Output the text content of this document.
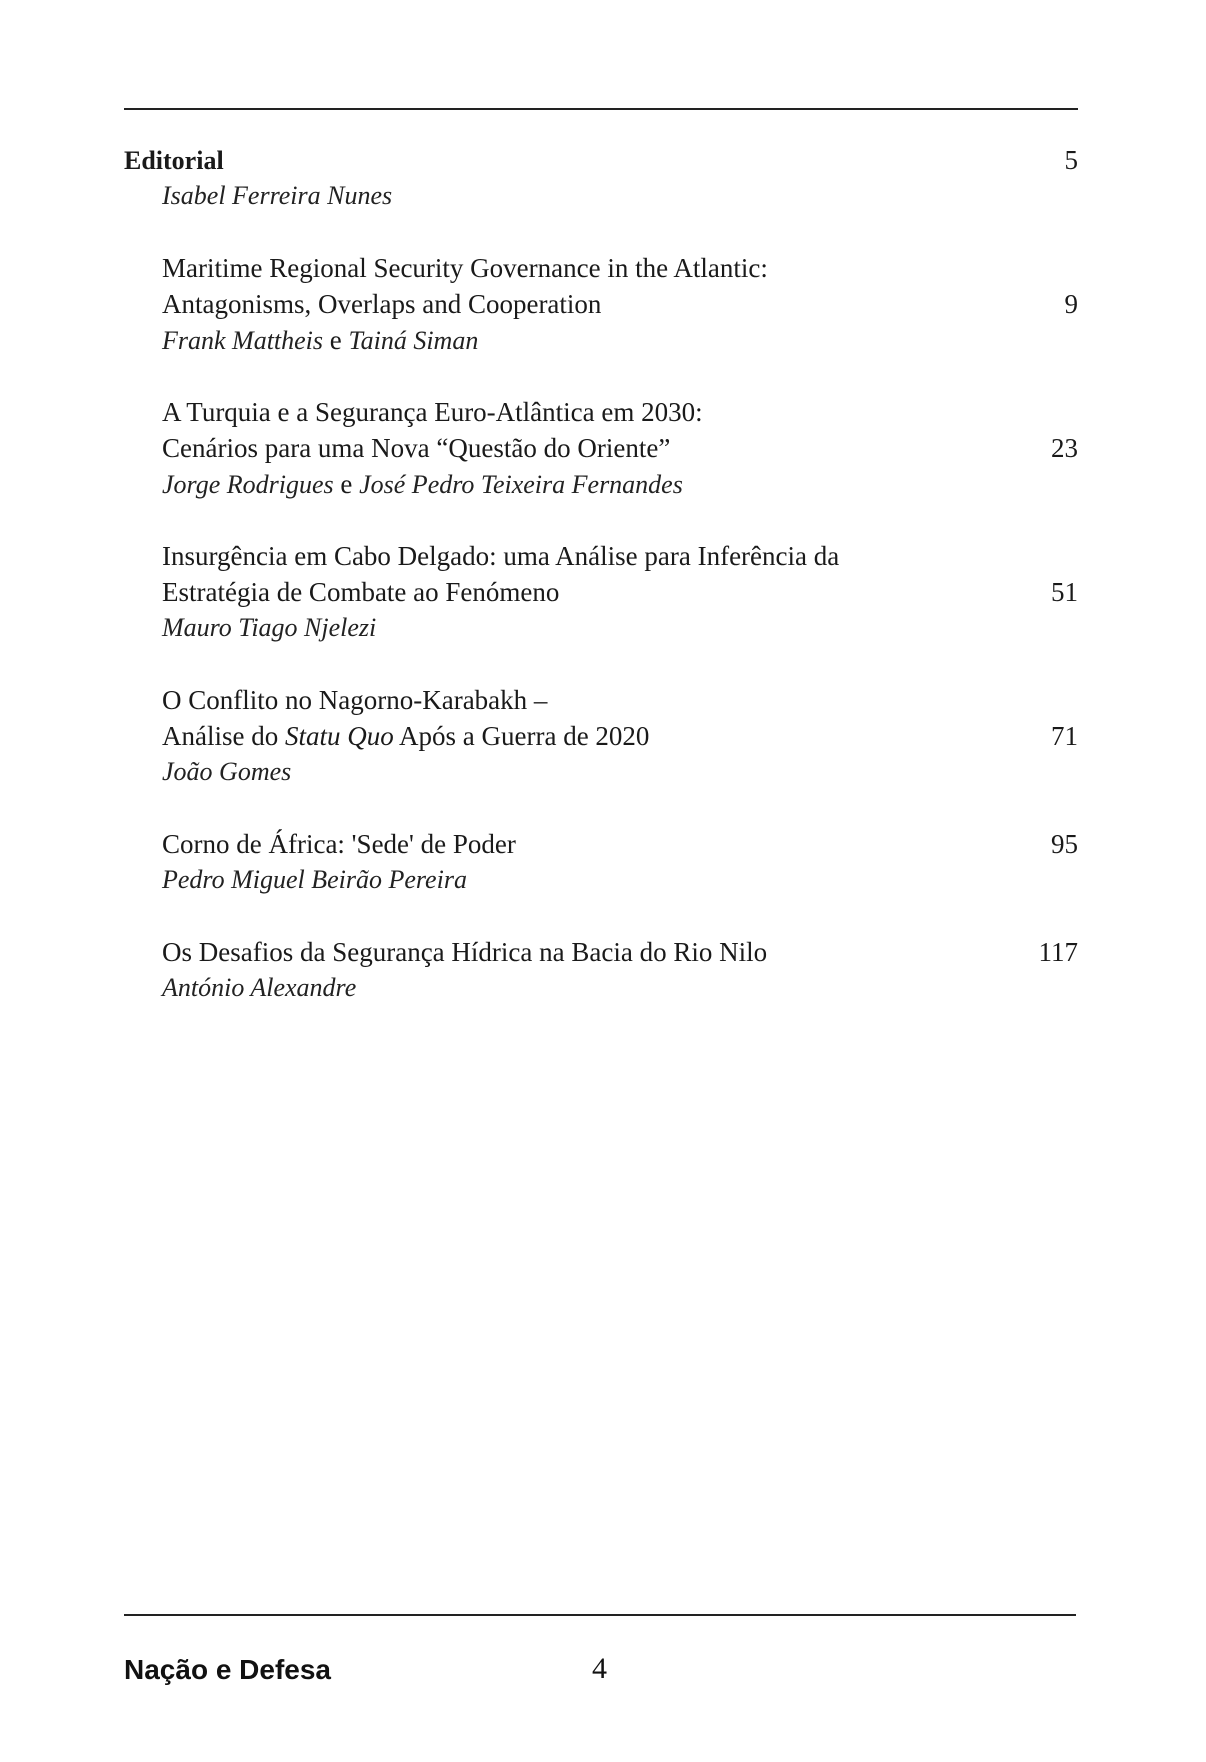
Editorial	5
Isabel Ferreira Nunes
Maritime Regional Security Governance in the Atlantic:
Antagonisms, Overlaps and Cooperation	9
Frank Mattheis e Tainá Siman
A Turquia e a Segurança Euro-Atlântica em 2030:
Cenários para uma Nova “Questão do Oriente”	23
Jorge Rodrigues e José Pedro Teixeira Fernandes
Insurgência em Cabo Delgado: uma Análise para Inferência da
Estratégia de Combate ao Fenómeno	51
Mauro Tiago Njelezi
O Conflito no Nagorno-Karabakh –
Análise do Statu Quo Após a Guerra de 2020	71
João Gomes
Corno de África: 'Sede' de Poder	95
Pedro Miguel Beirão Pereira
Os Desafios da Segurança Hídrica na Bacia do Rio Nilo	117
António Alexandre
Nação e Defesa	4
